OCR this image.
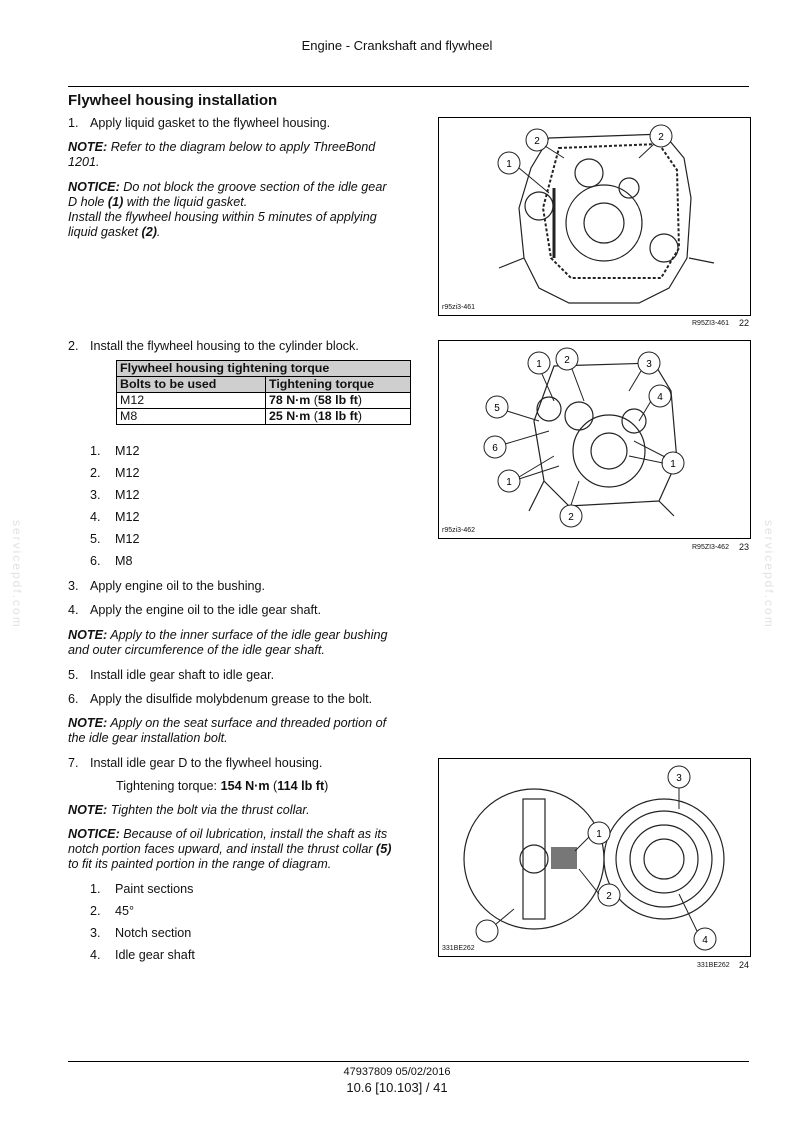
Engine - Crankshaft and flywheel
Flywheel housing installation
1. Apply liquid gasket to the flywheel housing.
NOTE: Refer to the diagram below to apply ThreeBond
1201.
NOTICE: Do not block the groove section of the idle gear
D hole (1) with the liquid gasket.
Install the flywheel housing within 5 minutes of applying
liquid gasket (2).
2. Install the flywheel housing to the cylinder block.
Flywheel housing tightening torque	
Bolts to be used	Tightening torque
M12	78 N·m (58 lb ft)
M8	25 N·m (18 lb ft)
1. M12
2. M12
3. M12
4. M12
5. M12
6. M8
3. Apply engine oil to the bushing.
4. Apply the engine oil to the idle gear shaft.
NOTE: Apply to the inner surface of the idle gear bushing
and outer circumference of the idle gear shaft.
5. Install idle gear shaft to idle gear.
6. Apply the disulfide molybdenum grease to the bolt.
NOTE: Apply on the seat surface and threaded portion of
the idle gear installation bolt.
7. Install idle gear D to the flywheel housing.
Tightening torque: 154 N·m (114 lb ft)
NOTE: Tighten the bolt via the thrust collar.
NOTICE: Because of oil lubrication, install the shaft as its
notch portion faces upward, and install the thrust collar (5)
to fit its painted portion in the range of diagram.
1. Paint sections
2. 45°
3. Notch section
4. Idle gear shaft
2	2
1
r95zi3-461
R95ZI3-461 22
1 2	3
4
5
6
1
1
2
r95zi3-462
R95ZI3-462 23
1
2
3
4
331BE262
331BE262 24
servicepdf.com	servicepdf.com
47937809 05/02/2016
10.6 [10.103] / 41
